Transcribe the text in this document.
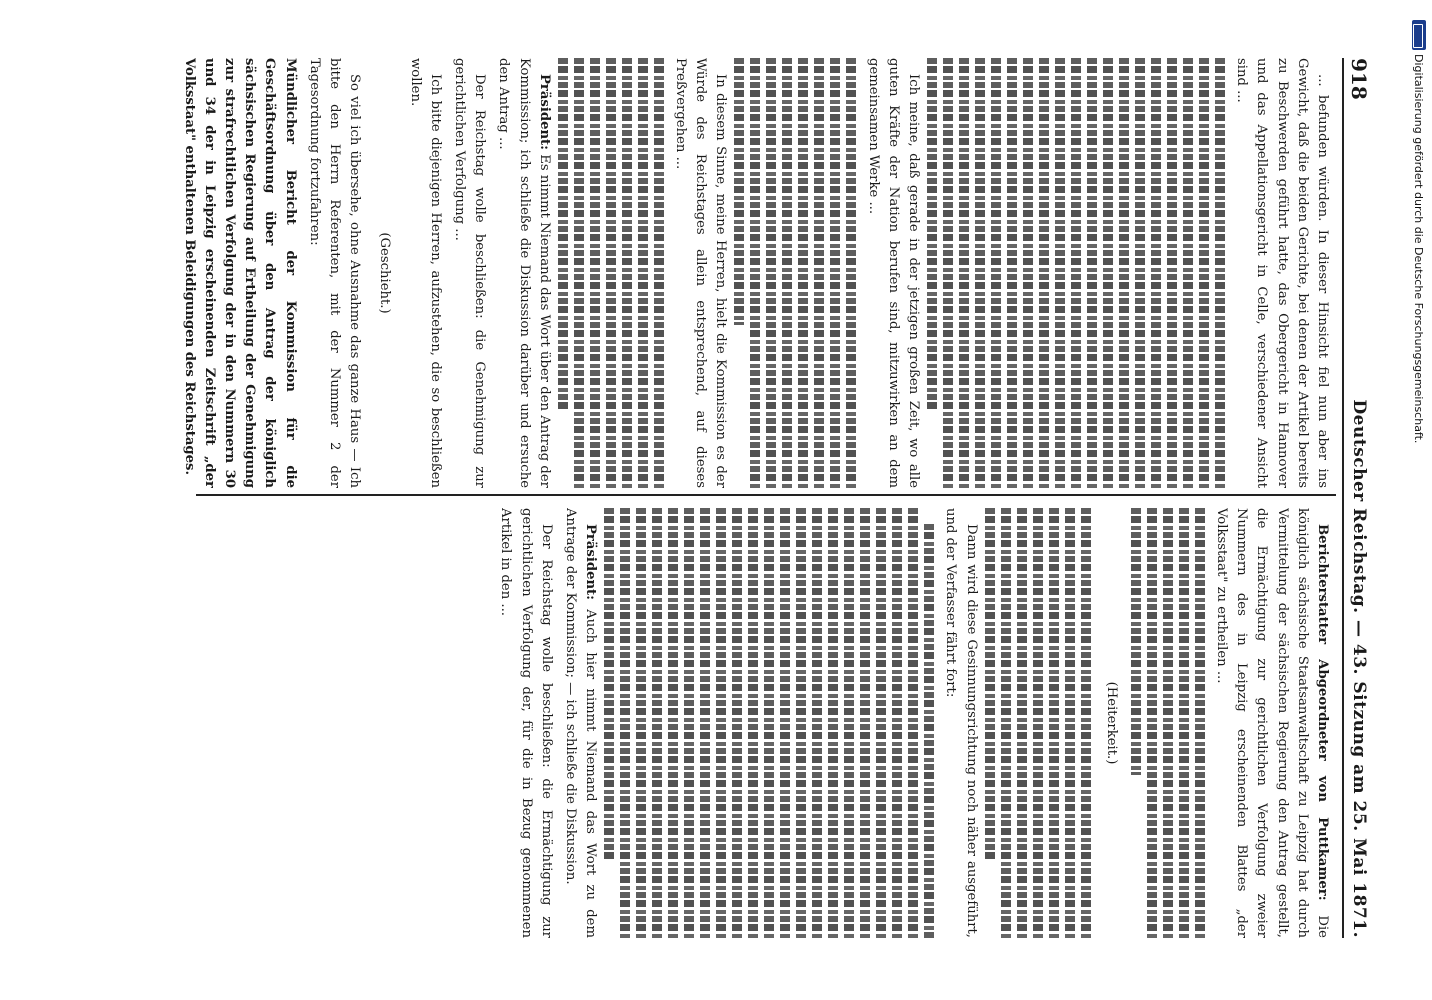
Digitalisierung gefördert durch die Deutsche Forschungsgemeinschaft.
918
Deutscher Reichstag. — 43. Sitzung am 25. Mai 1871.

... befunden würden. In dieser Hinsicht fiel nun aber ins Gewicht, daß die beiden Gerichte, bei denen der Artikel bereits zu Beschwerden geführt hatte, das Obergericht in Hannover und das Appellationsgericht in Celle, verschiedener Ansicht sind ...

Ich meine, daß gerade in der jetzigen großen Zeit, wo alle guten Kräfte der Nation berufen sind, mitzuwirken an dem gemeinsamen Werke ...

In diesem Sinne, meine Herren, hielt die Kommission es der Würde des Reichstages allein entsprechend, auf dieses Preßvergehen ...

Präsident: Es nimmt Niemand das Wort über den Antrag der Kommission; ich schließe die Diskussion darüber und ersuche den Antrag ...

Der Reichstag wolle beschließen: die Genehmigung zur gerichtlichen Verfolgung ...

Ich bitte diejenigen Herren, aufzustehen, die so beschließen wollen.

(Geschieht.)

So viel ich übersehe, ohne Ausnahme das ganze Haus — Ich bitte den Herrn Referenten, mit der Nummer 2 der Tagesordnung fortzufahren:

Mündlicher Bericht der Kommission für die Geschäftsordnung über den Antrag der königlich sächsischen Regierung auf Ertheilung der Genehmigung zur strafrechtlichen Verfolgung der in den Nummern 30 und 34 der in Leipzig erscheinenden Zeitschrift „der Volksstaat" enthaltenen Beleidigungen des Reichstages.

Berichterstatter Abgeordneter von Puttkamer: Die königlich sächsische Staatsanwaltschaft zu Leipzig hat durch Vermittelung der sächsischen Regierung den Antrag gestellt, die Ermächtigung zur gerichtlichen Verfolgung zweier Nummern des in Leipzig erscheinenden Blattes „der Volksstaat" zu ertheilen ...

(Heiterkeit.)

Dann wird diese Gesinnungsrichtung noch näher ausgeführt, und der Verfasser fährt fort:

Präsident: Auch hier nimmt Niemand das Wort zu dem Antrage der Kommission; — ich schließe die Diskussion.

Der Reichstag wolle beschließen: die Ermächtigung zur gerichtlichen Verfolgung der, für die in Bezug genommenen Artikel in den ...
